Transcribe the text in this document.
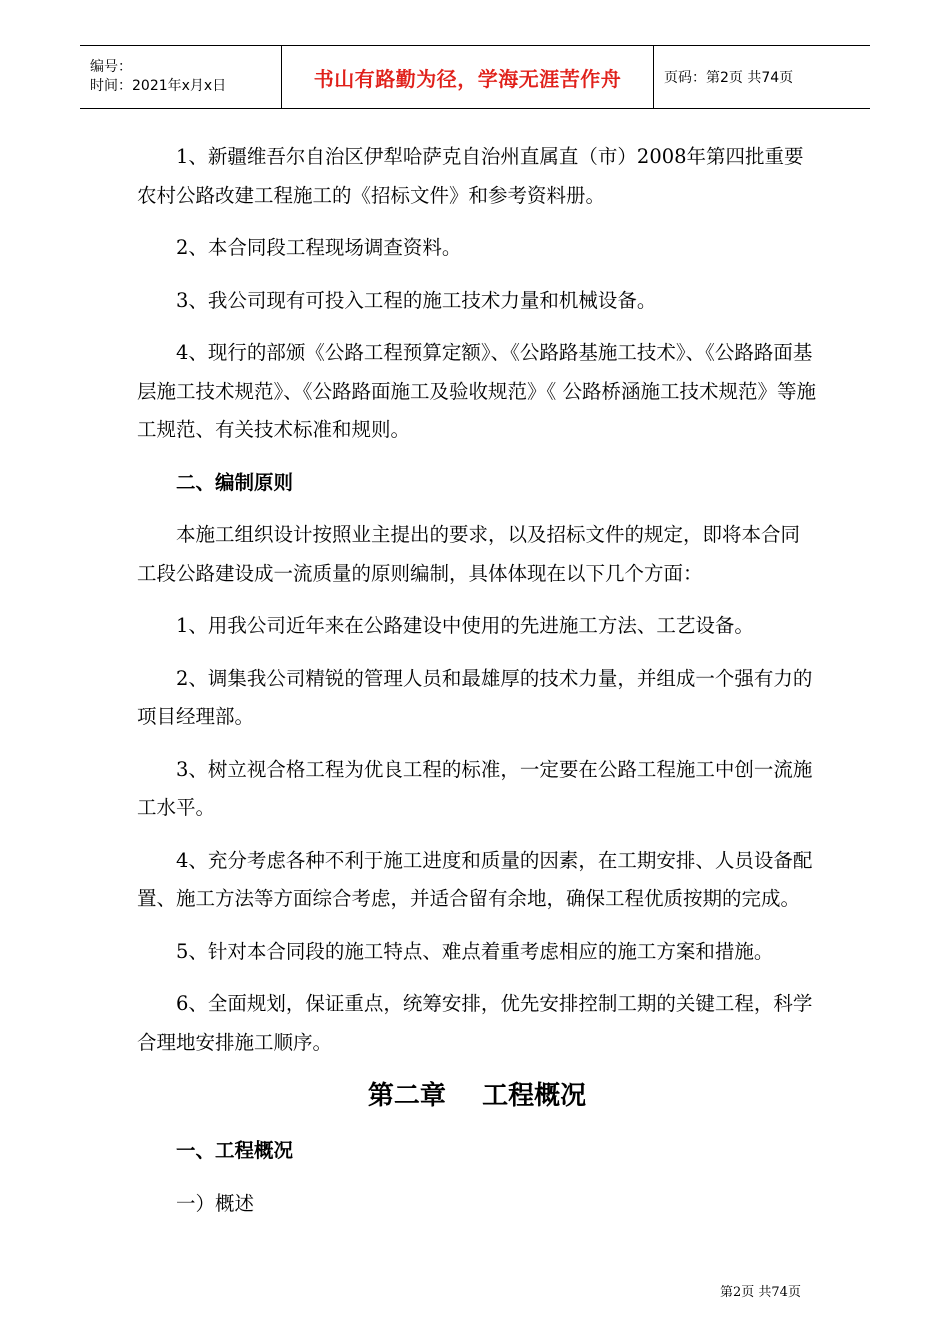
编号：
时间：2021年x月x日	书山有路勤为径，学海无涯苦作舟	页码：第2页 共74页

1、新疆维吾尔自治区伊犁哈萨克自治州直属直（市）2008年第四批重要农村公路改建工程施工的《招标文件》和参考资料册。

2、本合同段工程现场调查资料。

3、我公司现有可投入工程的施工技术力量和机械设备。

4、现行的部颁《公路工程预算定额》、《公路路基施工技术》、《公路路面基层施工技术规范》、《公路路面施工及验收规范》《 公路桥涵施工技术规范》等施工规范、有关技术标准和规则。

二、编制原则

本施工组织设计按照业主提出的要求，以及招标文件的规定，即将本合同工段公路建设成一流质量的原则编制，具体体现在以下几个方面：

1、用我公司近年来在公路建设中使用的先进施工方法、工艺设备。

2、调集我公司精锐的管理人员和最雄厚的技术力量，并组成一个强有力的项目经理部。

3、树立视合格工程为优良工程的标准，一定要在公路工程施工中创一流施工水平。

4、充分考虑各种不利于施工进度和质量的因素，在工期安排、人员设备配置、施工方法等方面综合考虑，并适合留有余地，确保工程优质按期的完成。

5、针对本合同段的施工特点、难点着重考虑相应的施工方案和措施。

6、全面规划，保证重点，统筹安排，优先安排控制工期的关键工程，科学合理地安排施工顺序。

第二章    工程概况

一、工程概况

一）概述

第2页 共74页
